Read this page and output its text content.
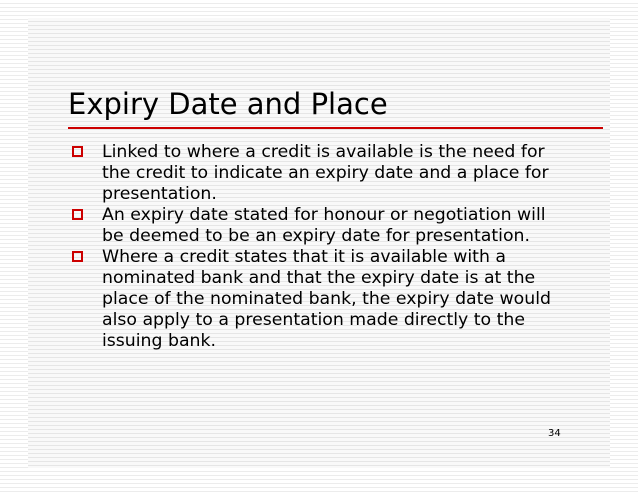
Expiry Date and Place
Linked to where a credit is available is the need for the credit to indicate an expiry date and a place for presentation.
An expiry date stated for honour or negotiation will be deemed to be an expiry date for presentation.
Where a credit states that it is available with a nominated bank and that the expiry date is at the place of the nominated bank, the expiry date would also apply to a presentation made directly to the issuing bank.
34
